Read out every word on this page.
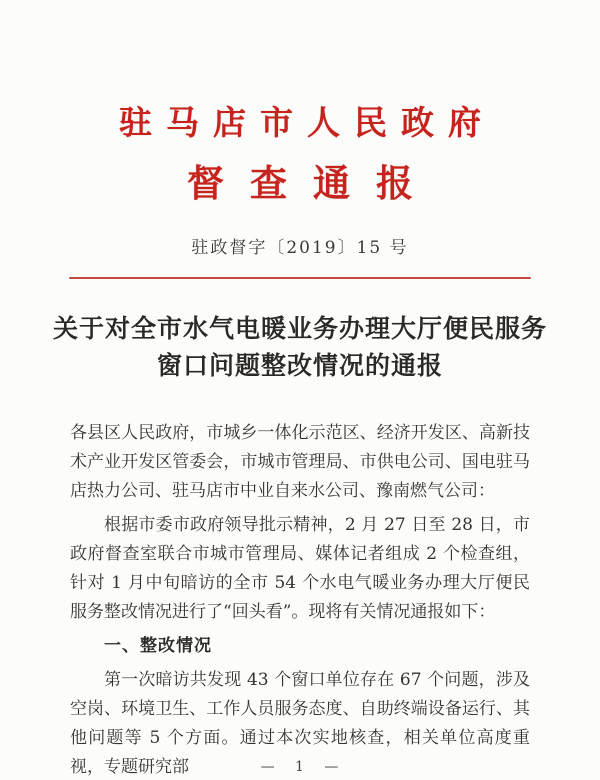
驻马店市人民政府
督查通报
驻政督字〔2019〕15 号
关于对全市水气电暖业务办理大厅便民服务
窗口问题整改情况的通报

各县区人民政府，市城乡一体化示范区、经济开发区、高新技术产业开发区管委会，市城市管理局、市供电公司、国电驻马店热力公司、驻马店市中业自来水公司、豫南燃气公司：

根据市委市政府领导批示精神，2 月 27 日至 28 日，市政府督查室联合市城市管理局、媒体记者组成 2 个检查组，针对 1 月中旬暗访的全市 54 个水电气暖业务办理大厅便民服务整改情况进行了“回头看”。现将有关情况通报如下：

一、整改情况

第一次暗访共发现 43 个窗口单位存在 67 个问题，涉及空岗、环境卫生、工作人员服务态度、自助终端设备运行、其他问题等 5 个方面。通过本次实地核查，相关单位高度重视，专题研究部	— 1 —
